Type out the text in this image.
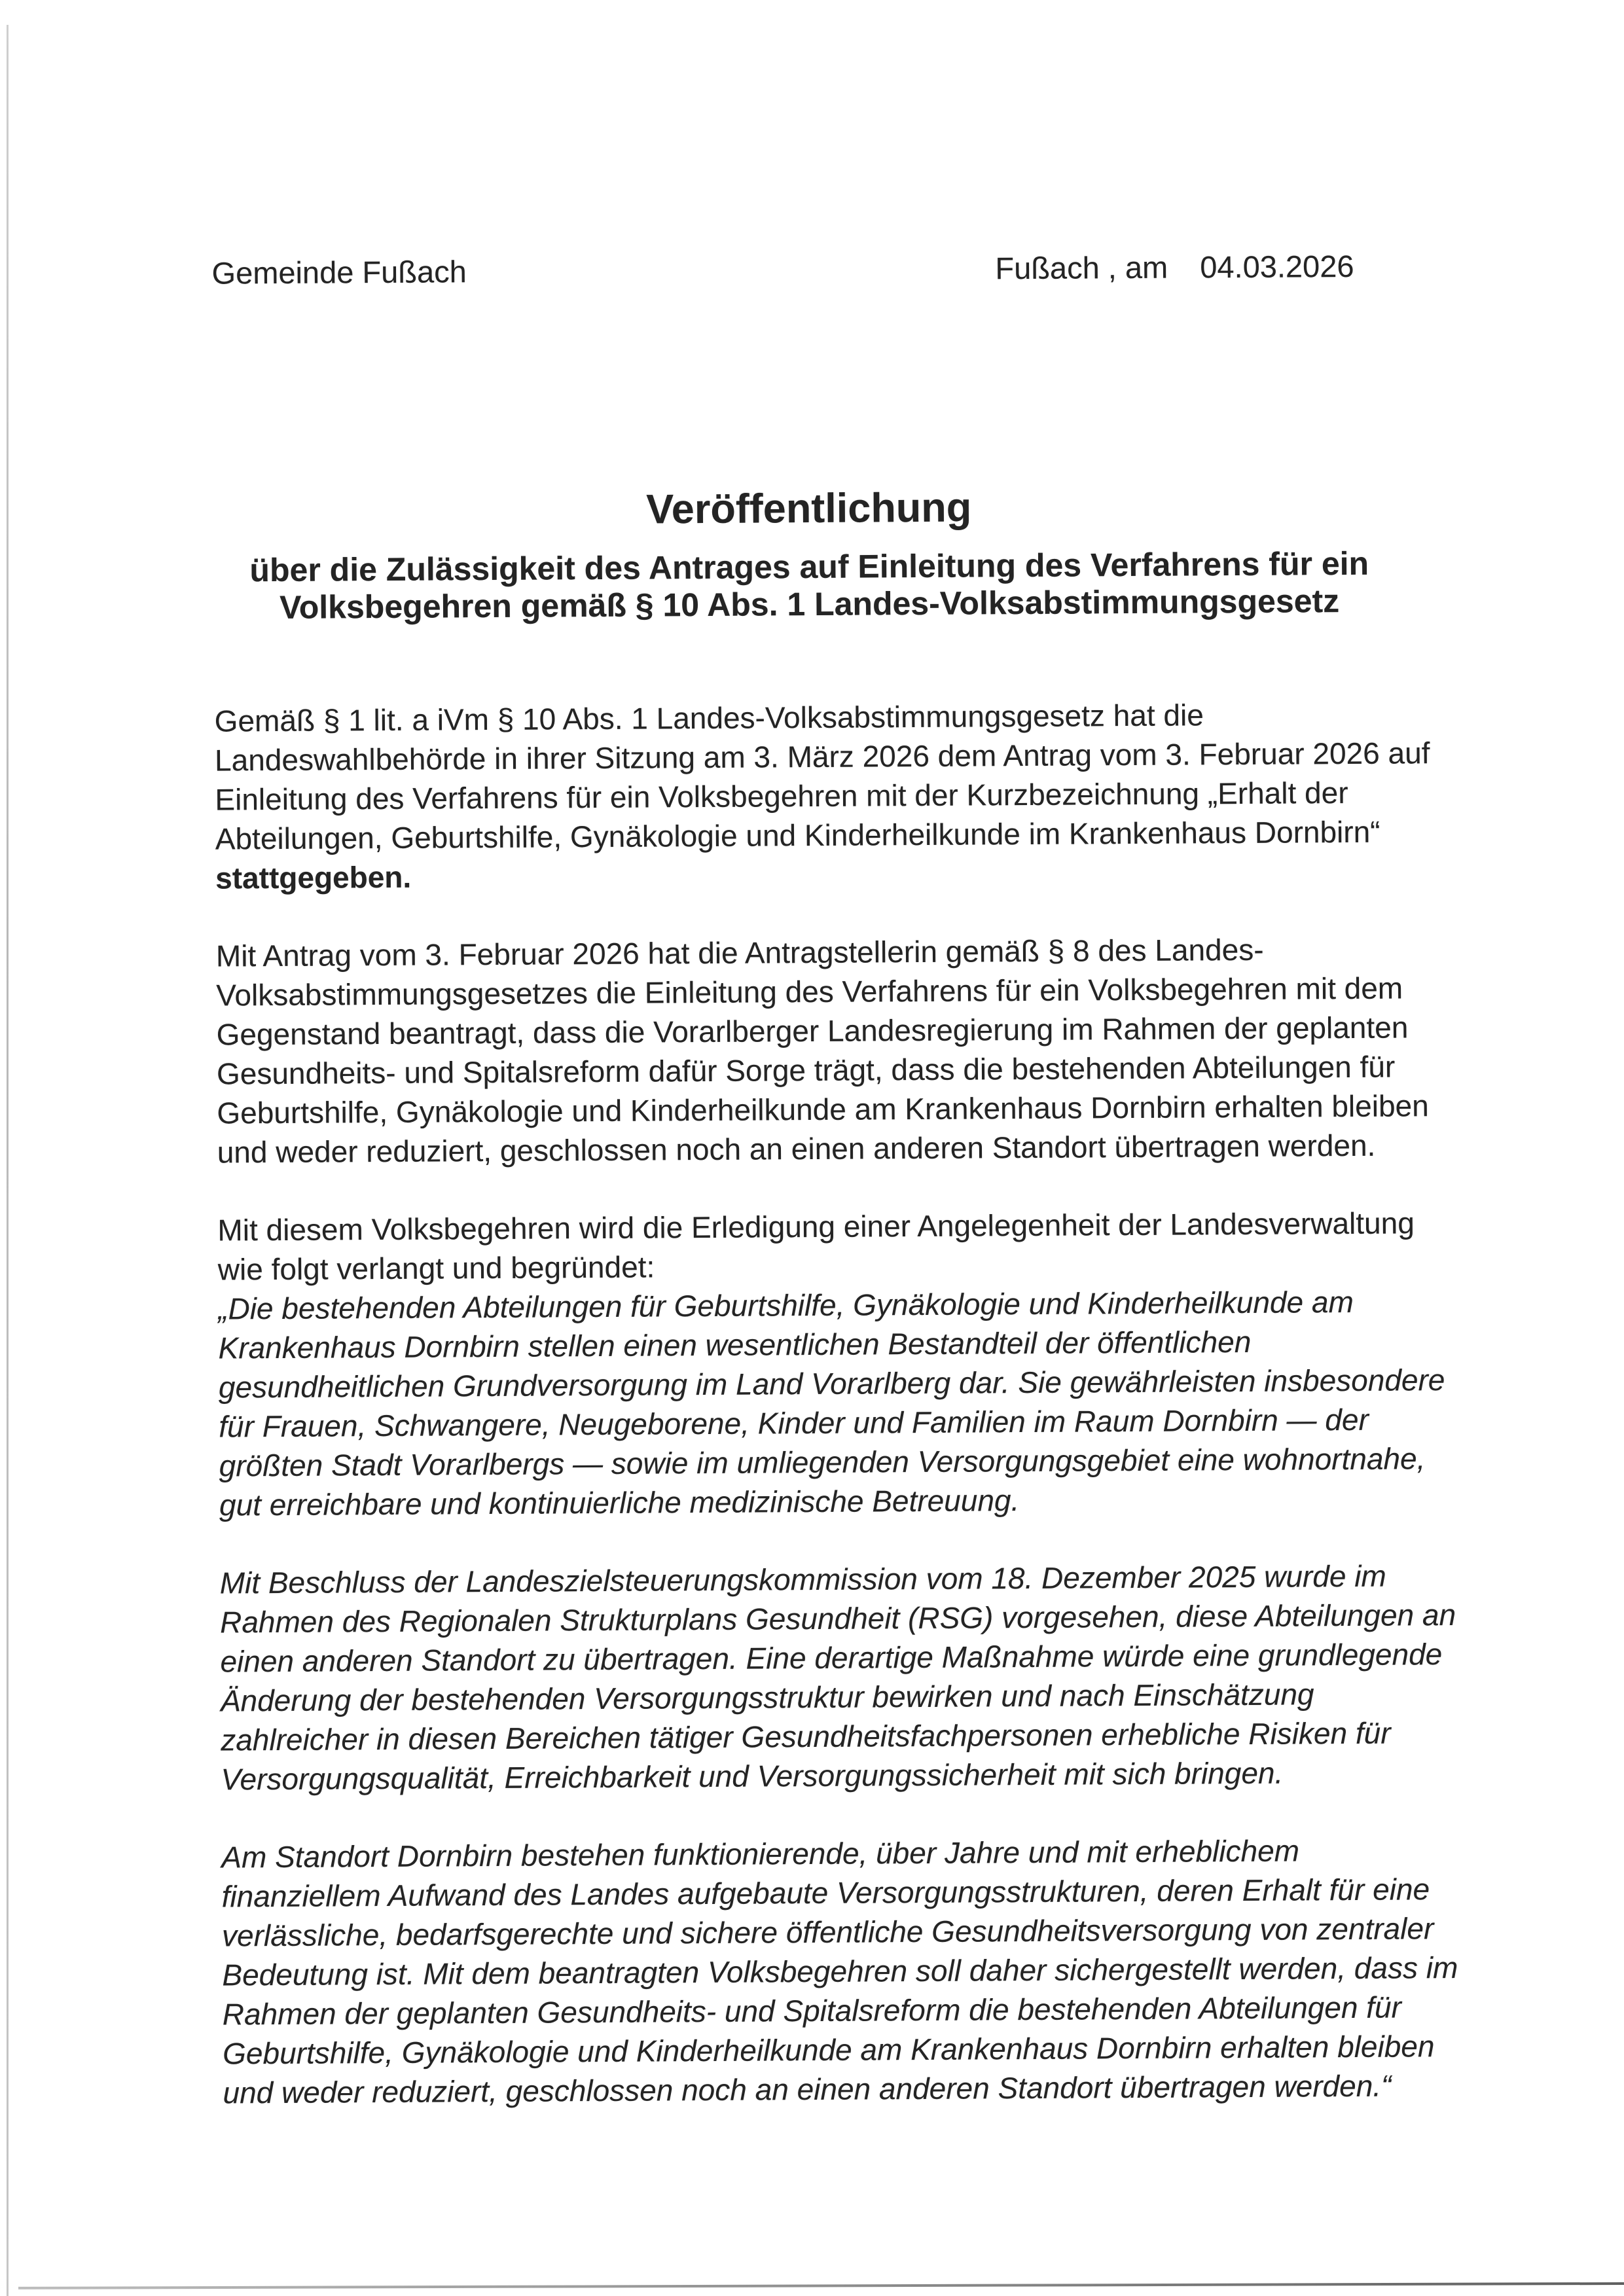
Gemeinde Fußach	Fußach , am 04.03.2026
Veröffentlichung
über die Zulässigkeit des Antrages auf Einleitung des Verfahrens für ein
Volksbegehren gemäß § 10 Abs. 1 Landes-Volksabstimmungsgesetz

Gemäß § 1 lit. a iVm § 10 Abs. 1 Landes-Volksabstimmungsgesetz hat die
Landeswahlbehörde in ihrer Sitzung am 3. März 2026 dem Antrag vom 3. Februar 2026 auf
Einleitung des Verfahrens für ein Volksbegehren mit der Kurzbezeichnung „Erhalt der
Abteilungen, Geburtshilfe, Gynäkologie und Kinderheilkunde im Krankenhaus Dornbirn“
stattgegeben.

Mit Antrag vom 3. Februar 2026 hat die Antragstellerin gemäß § 8 des Landes-
Volksabstimmungsgesetzes die Einleitung des Verfahrens für ein Volksbegehren mit dem
Gegenstand beantragt, dass die Vorarlberger Landesregierung im Rahmen der geplanten
Gesundheits- und Spitalsreform dafür Sorge trägt, dass die bestehenden Abteilungen für
Geburtshilfe, Gynäkologie und Kinderheilkunde am Krankenhaus Dornbirn erhalten bleiben
und weder reduziert, geschlossen noch an einen anderen Standort übertragen werden.

Mit diesem Volksbegehren wird die Erledigung einer Angelegenheit der Landesverwaltung
wie folgt verlangt und begründet:
„Die bestehenden Abteilungen für Geburtshilfe, Gynäkologie und Kinderheilkunde am
Krankenhaus Dornbirn stellen einen wesentlichen Bestandteil der öffentlichen
gesundheitlichen Grundversorgung im Land Vorarlberg dar. Sie gewährleisten insbesondere
für Frauen, Schwangere, Neugeborene, Kinder und Familien im Raum Dornbirn — der
größten Stadt Vorarlbergs — sowie im umliegenden Versorgungsgebiet eine wohnortnahe,
gut erreichbare und kontinuierliche medizinische Betreuung.

Mit Beschluss der Landeszielsteuerungskommission vom 18. Dezember 2025 wurde im
Rahmen des Regionalen Strukturplans Gesundheit (RSG) vorgesehen, diese Abteilungen an
einen anderen Standort zu übertragen. Eine derartige Maßnahme würde eine grundlegende
Änderung der bestehenden Versorgungsstruktur bewirken und nach Einschätzung
zahlreicher in diesen Bereichen tätiger Gesundheitsfachpersonen erhebliche Risiken für
Versorgungsqualität, Erreichbarkeit und Versorgungssicherheit mit sich bringen.

Am Standort Dornbirn bestehen funktionierende, über Jahre und mit erheblichem
finanziellem Aufwand des Landes aufgebaute Versorgungsstrukturen, deren Erhalt für eine
verlässliche, bedarfsgerechte und sichere öffentliche Gesundheitsversorgung von zentraler
Bedeutung ist. Mit dem beantragten Volksbegehren soll daher sichergestellt werden, dass im
Rahmen der geplanten Gesundheits- und Spitalsreform die bestehenden Abteilungen für
Geburtshilfe, Gynäkologie und Kinderheilkunde am Krankenhaus Dornbirn erhalten bleiben
und weder reduziert, geschlossen noch an einen anderen Standort übertragen werden.“
